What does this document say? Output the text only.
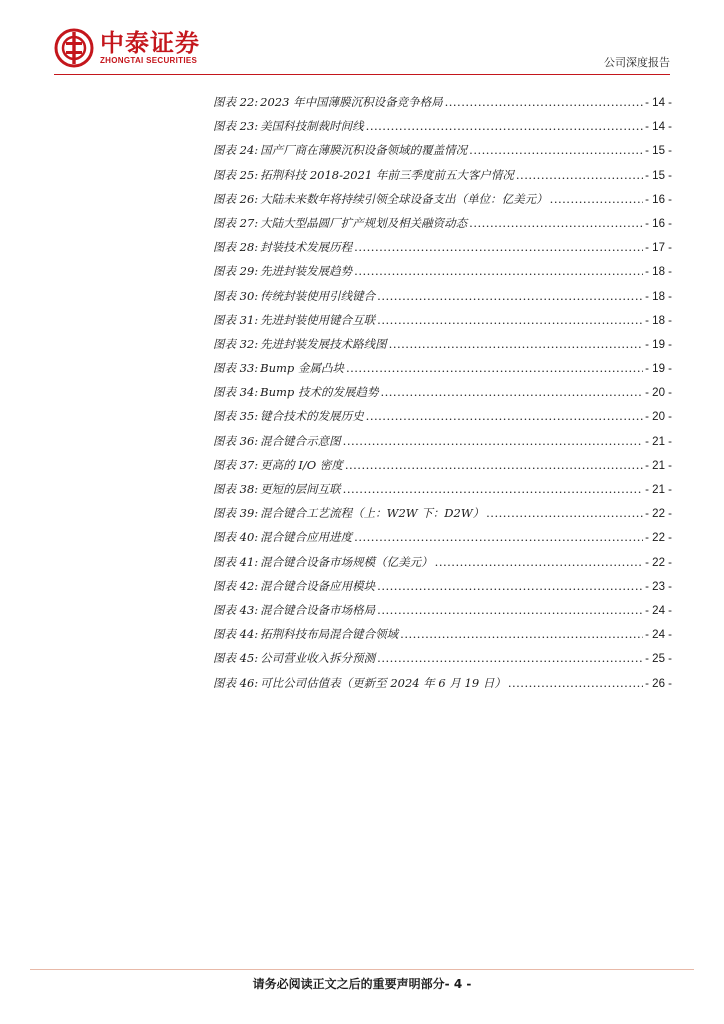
中泰证券
ZHONGTAI SECURITIES	公司深度报告
图表 22: 2023 年中国薄膜沉积设备竞争格局 .....	- 14 -
图表 23: 美国科技制裁时间线 .....	- 14 -
图表 24: 国产厂商在薄膜沉积设备领域的覆盖情况 .....	- 15 -
图表 25: 拓荆科技 2018-2021 年前三季度前五大客户情况 .....	- 15 -
图表 26: 大陆未来数年将持续引领全球设备支出（单位：亿美元） .....	- 16 -
图表 27: 大陆大型晶圆厂扩产规划及相关融资动态 .....	- 16 -
图表 28: 封装技术发展历程 .....	- 17 -
图表 29: 先进封装发展趋势 .....	- 18 -
图表 30: 传统封装使用引线键合 .....	- 18 -
图表 31: 先进封装使用键合互联 .....	- 18 -
图表 32: 先进封装发展技术路线图 .....	- 19 -
图表 33: Bump 金属凸块 .....	- 19 -
图表 34: Bump 技术的发展趋势 .....	- 20 -
图表 35: 键合技术的发展历史 .....	- 20 -
图表 36: 混合键合示意图 .....	- 21 -
图表 37: 更高的 I/O 密度 .....	- 21 -
图表 38: 更短的层间互联 .....	- 21 -
图表 39: 混合键合工艺流程（上：W2W 下：D2W） .....	- 22 -
图表 40: 混合键合应用进度 .....	- 22 -
图表 41: 混合键合设备市场规模（亿美元） .....	- 22 -
图表 42: 混合键合设备应用模块 .....	- 23 -
图表 43: 混合键合设备市场格局 .....	- 24 -
图表 44: 拓荆科技布局混合键合领域 .....	- 24 -
图表 45: 公司营业收入拆分预测 .....	- 25 -
图表 46: 可比公司估值表（更新至 2024 年 6 月 19 日） .....	- 26 -
请务必阅读正文之后的重要声明部分- 4 -
